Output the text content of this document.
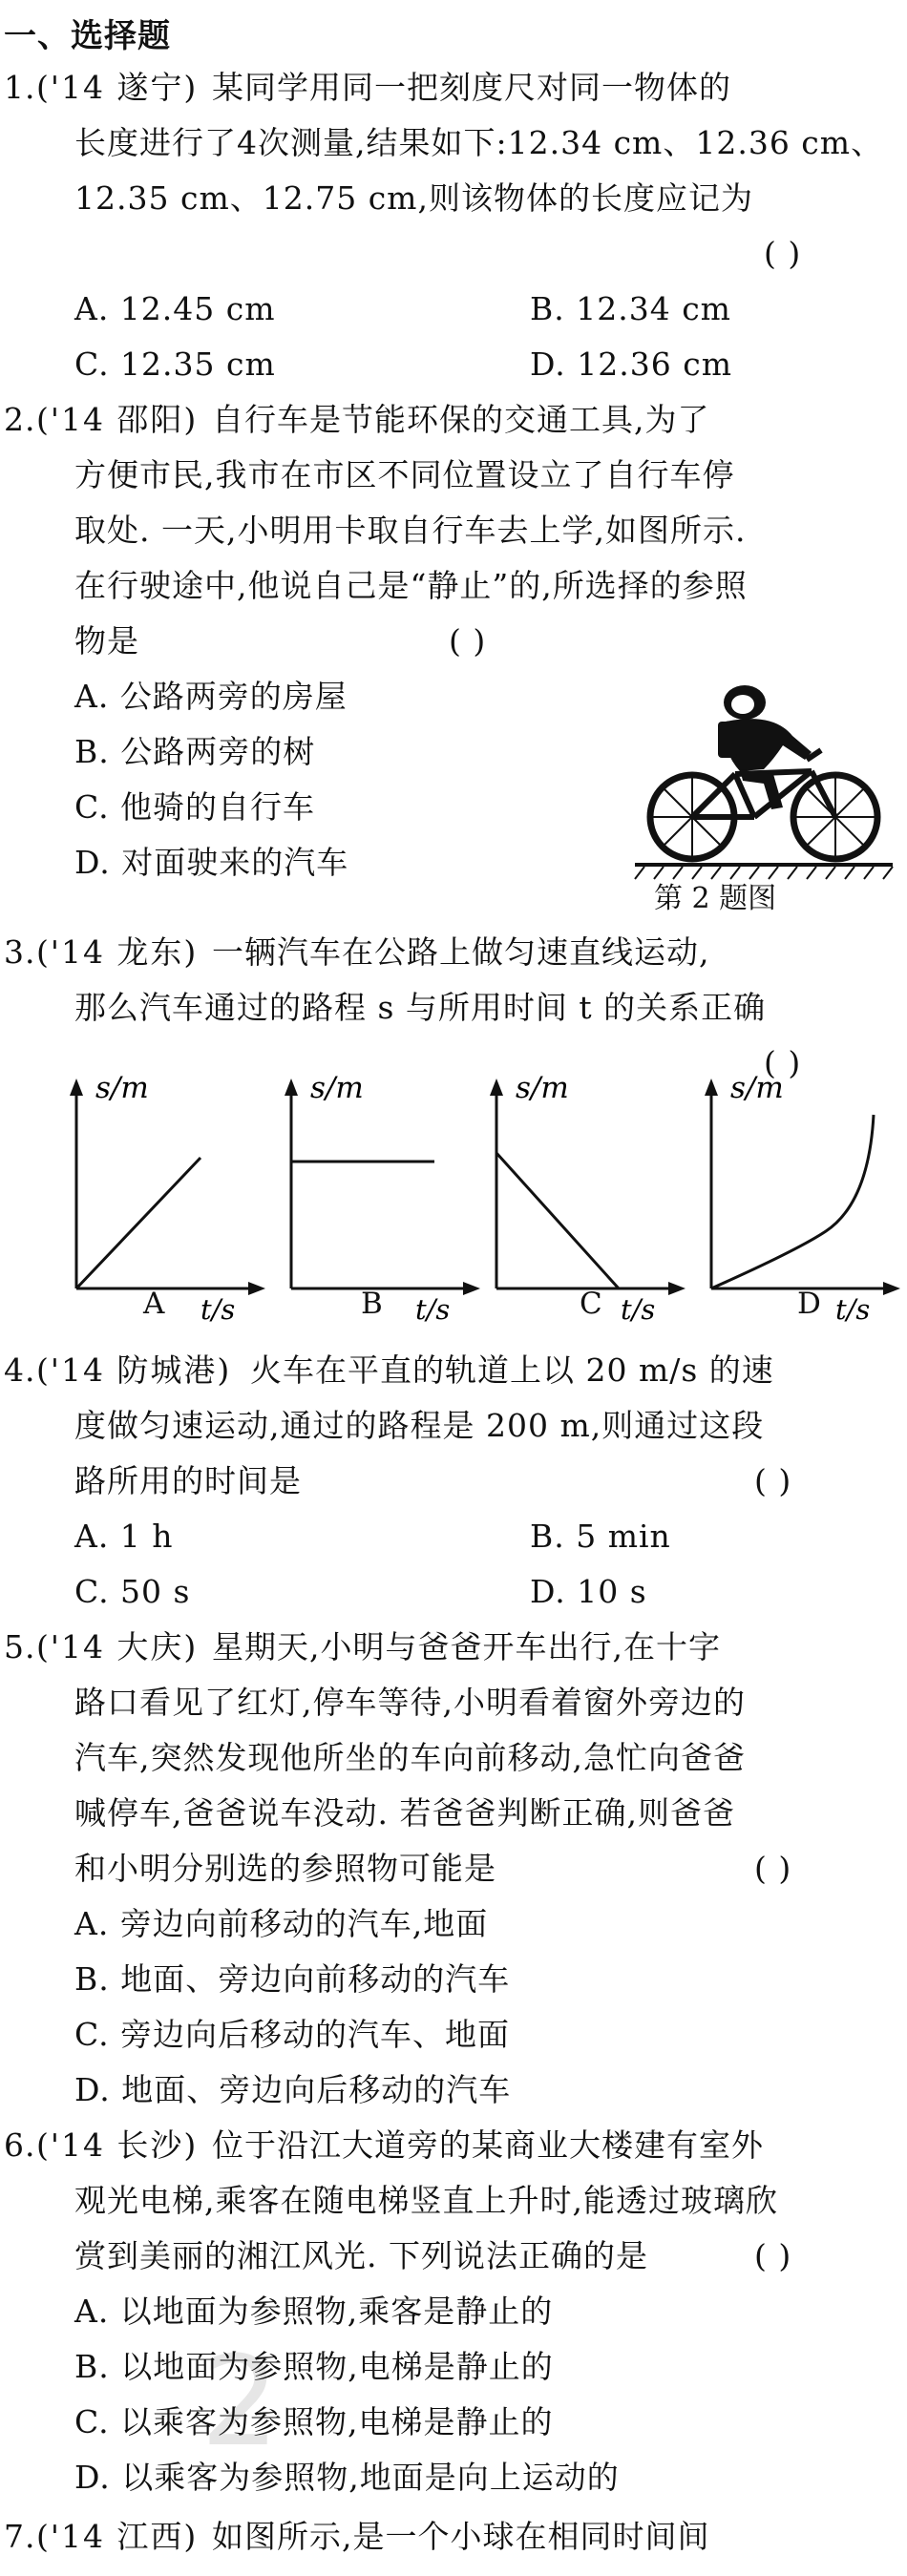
一、选择题
1. ('14 遂宁) 某同学用同一把刻度尺对同一物体的
长度进行了4次测量,结果如下:12.34 cm、12.36 cm、
12.35 cm、12.75 cm,则该物体的长度应记为
( )
A. 12.45 cm	B. 12.34 cm
C. 12.35 cm	D. 12.36 cm
2. ('14 邵阳) 自行车是节能环保的交通工具,为了
方便市民,我市在市区不同位置设立了自行车停
取处. 一天,小明用卡取自行车去上学,如图所示.
在行驶途中,他说自己是“静止”的,所选择的参照
物是	( )
A. 公路两旁的房屋
B. 公路两旁的树
C. 他骑的自行车
D. 对面驶来的汽车
第 2 题图
3. ('14 龙东) 一辆汽车在公路上做匀速直线运动,
那么汽车通过的路程 s 与所用时间 t 的关系正确
( )
s/m
t/s
s/m
t/s
s/m
t/s
s/m
t/s
A	B	C	D
4. ('14 防城港) 火车在平直的轨道上以 20 m/s 的速
度做匀速运动,通过的路程是 200 m,则通过这段
路所用的时间是	( )
A. 1 h	B. 5 min
C. 50 s	D. 10 s
5. ('14 大庆) 星期天,小明与爸爸开车出行,在十字
路口看见了红灯,停车等待,小明看着窗外旁边的
汽车,突然发现他所坐的车向前移动,急忙向爸爸
喊停车,爸爸说车没动. 若爸爸判断正确,则爸爸
和小明分别选的参照物可能是	( )
A. 旁边向前移动的汽车,地面
B. 地面、旁边向前移动的汽车
C. 旁边向后移动的汽车、地面
D. 地面、旁边向后移动的汽车
6. ('14 长沙) 位于沿江大道旁的某商业大楼建有室外
观光电梯,乘客在随电梯竖直上升时,能透过玻璃欣
赏到美丽的湘江风光. 下列说法正确的是	( )
2
A. 以地面为参照物,乘客是静止的
B. 以地面为参照物,电梯是静止的
C. 以乘客为参照物,电梯是静止的
D. 以乘客为参照物,地面是向上运动的
7. ('14 江西) 如图所示,是一个小球在相同时间间
